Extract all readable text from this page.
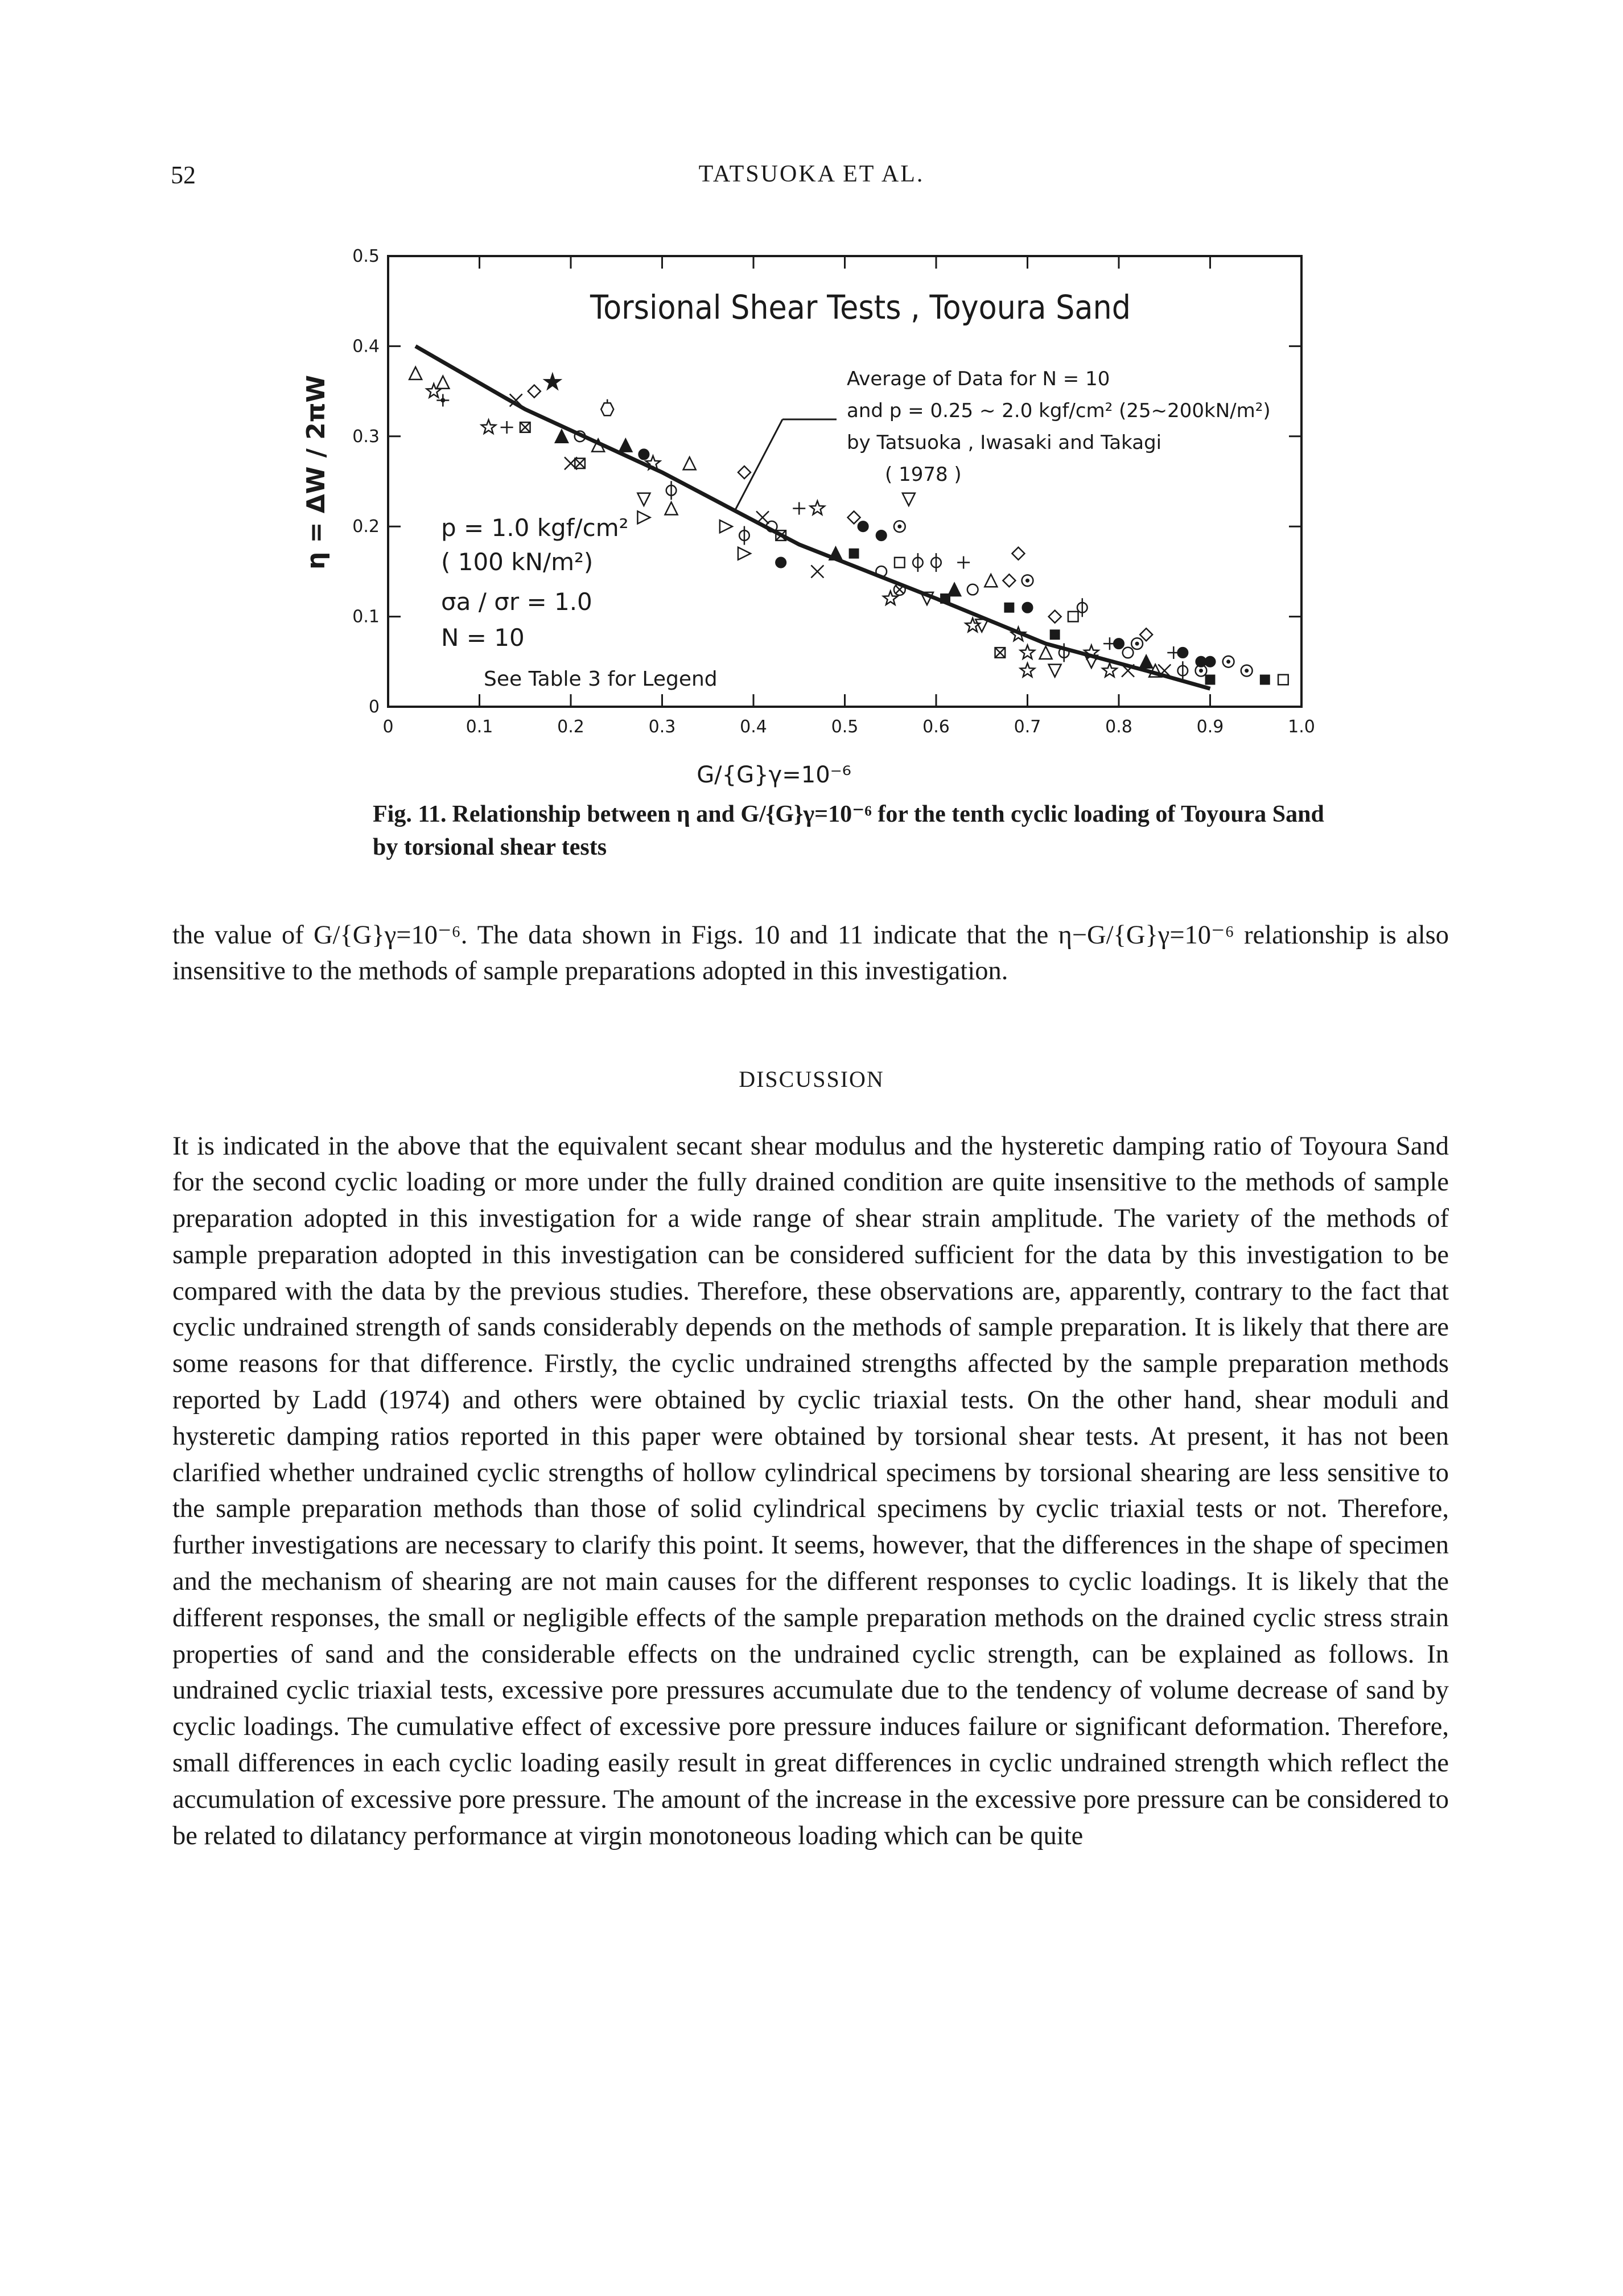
52	TATSUOKA ET AL.
0	0.1	0.2	0.3	0.4	0.5	0.6	0.7	0.8	0.9	1.0
0
0.1
0.2
0.3
0.4
0.5
Torsional Shear Tests , Toyoura Sand
η = ΔW / 2πW
G/{G}γ=10⁻⁶
Average of Data for N = 10
and p = 0.25 ~ 2.0 kgf/cm² (25~200kN/m²)
by Tatsuoka , Iwasaki and Takagi
( 1978 )
p = 1.0 kgf/cm²
( 100 kN/m²)
σa / σr = 1.0
N = 10
See Table 3 for Legend
Fig. 11. Relationship between η and G/{G}γ=10⁻⁶ for the tenth cyclic loading of Toyoura Sand by torsional shear tests

the value of G/{G}γ=10⁻⁶. The data shown in Figs. 10 and 11 indicate that the η−G/{G}γ=10⁻⁶ relationship is also insensitive to the methods of sample preparations adopted in this investigation.

DISCUSSION

It is indicated in the above that the equivalent secant shear modulus and the hysteretic damping ratio of Toyoura Sand for the second cyclic loading or more under the fully drained condition are quite insensitive to the methods of sample preparation adopted in this investigation for a wide range of shear strain amplitude. The variety of the methods of sample preparation adopted in this investigation can be considered sufficient for the data by this investigation to be compared with the data by the previous studies. Therefore, these observations are, apparently, contrary to the fact that cyclic undrained strength of sands considerably depends on the methods of sample preparation. It is likely that there are some reasons for that difference. Firstly, the cyclic undrained strengths affected by the sample preparation methods reported by Ladd (1974) and others were obtained by cyclic triaxial tests. On the other hand, shear moduli and hysteretic damping ratios reported in this paper were obtained by torsional shear tests. At present, it has not been clarified whether undrained cyclic strengths of hollow cylindrical specimens by torsional shearing are less sensitive to the sample preparation methods than those of solid cylindrical specimens by cyclic triaxial tests or not. Therefore, further investigations are necessary to clarify this point. It seems, however, that the differences in the shape of specimen and the mechanism of shearing are not main causes for the different responses to cyclic loadings. It is likely that the different responses, the small or negligible effects of the sample preparation methods on the drained cyclic stress strain properties of sand and the considerable effects on the undrained cyclic strength, can be explained as follows. In undrained cyclic triaxial tests, excessive pore pressures accumulate due to the tendency of volume decrease of sand by cyclic loadings. The cumulative effect of excessive pore pressure induces failure or significant deformation. Therefore, small differences in each cyclic loading easily result in great differences in cyclic undrained strength which reflect the accumulation of excessive pore pressure. The amount of the increase in the excessive pore pressure can be considered to be related to dilatancy performance at virgin monotoneous loading which can be quite
